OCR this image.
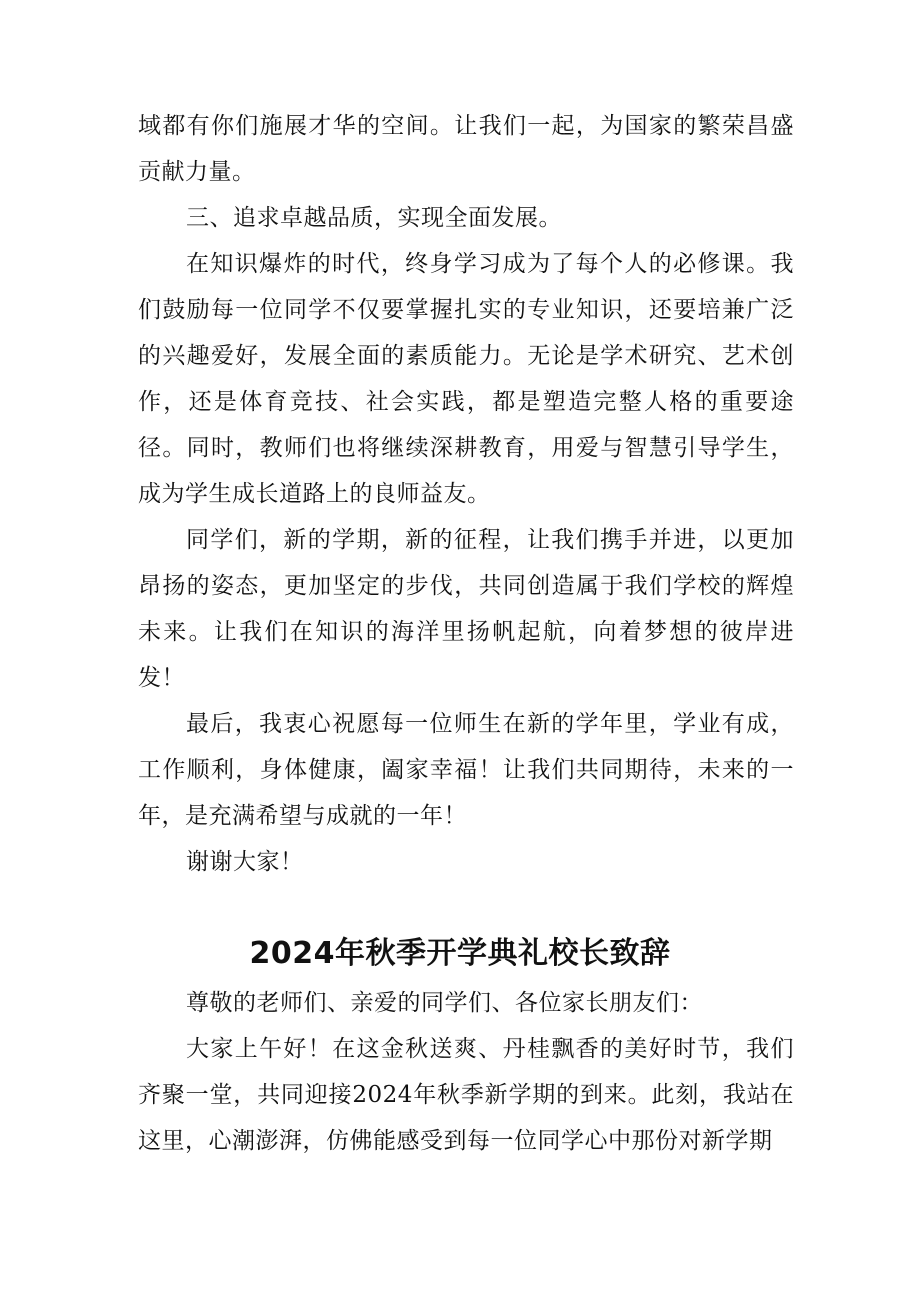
域都有你们施展才华的空间。让我们一起，为国家的繁荣昌盛贡献力量。

三、追求卓越品质，实现全面发展。

在知识爆炸的时代，终身学习成为了每个人的必修课。我们鼓励每一位同学不仅要掌握扎实的专业知识，还要培兼广泛的兴趣爱好，发展全面的素质能力。无论是学术研究、艺术创作，还是体育竞技、社会实践，都是塑造完整人格的重要途径。同时，教师们也将继续深耕教育，用爱与智慧引导学生，成为学生成长道路上的良师益友。

同学们，新的学期，新的征程，让我们携手并进，以更加昂扬的姿态，更加坚定的步伐，共同创造属于我们学校的辉煌未来。让我们在知识的海洋里扬帆起航，向着梦想的彼岸进发！

最后，我衷心祝愿每一位师生在新的学年里，学业有成，工作顺利，身体健康，阖家幸福！让我们共同期待，未来的一年，是充满希望与成就的一年！

谢谢大家！

2024年秋季开学典礼校长致辞

尊敬的老师们、亲爱的同学们、各位家长朋友们：

大家上午好！在这金秋送爽、丹桂飘香的美好时节，我们齐聚一堂，共同迎接2024年秋季新学期的到来。此刻，我站在这里，心潮澎湃，仿佛能感受到每一位同学心中那份对新学期
